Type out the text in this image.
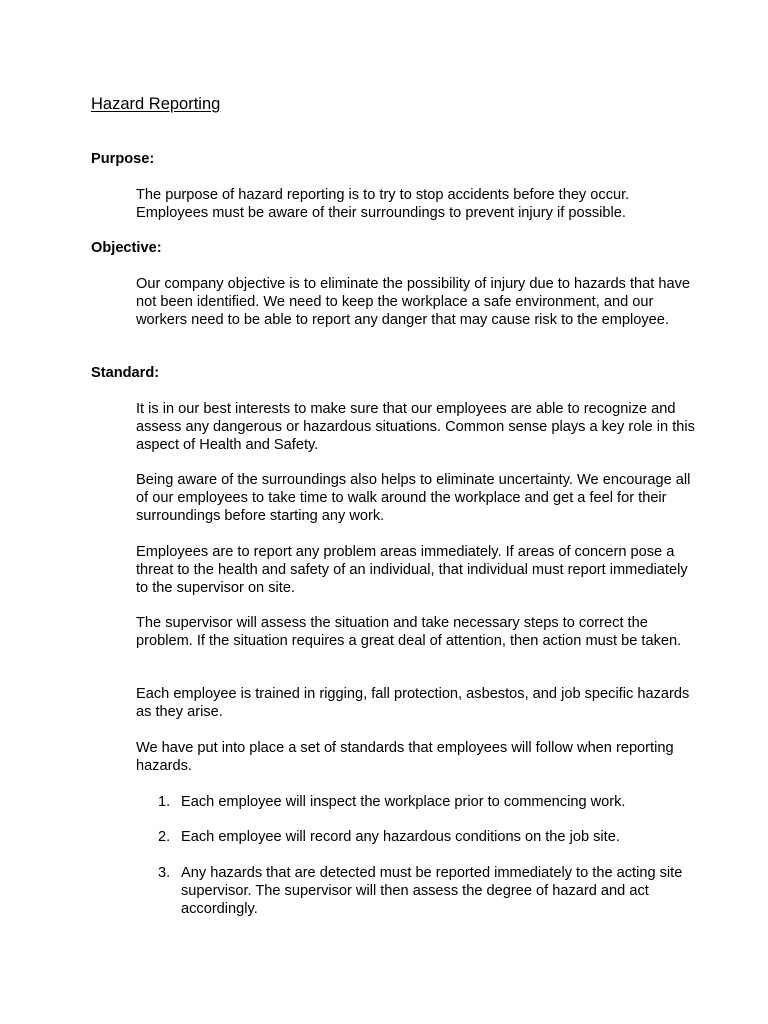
Hazard Reporting
Purpose:

The purpose of hazard reporting is to try to stop accidents before they occur. Employees must be aware of their surroundings to prevent injury if possible.

Objective:

Our company objective is to eliminate the possibility of injury due to hazards that have not been identified. We need to keep the workplace a safe environment, and our workers need to be able to report any danger that may cause risk to the employee.

Standard:

It is in our best interests to make sure that our employees are able to recognize and assess any dangerous or hazardous situations. Common sense plays a key role in this aspect of Health and Safety.

Being aware of the surroundings also helps to eliminate uncertainty. We encourage all of our employees to take time to walk around the workplace and get a feel for their surroundings before starting any work.

Employees are to report any problem areas immediately. If areas of concern pose a threat to the health and safety of an individual, that individual must report immediately to the supervisor on site.

The supervisor will assess the situation and take necessary steps to correct the problem. If the situation requires a great deal of attention, then action must be taken.

Each employee is trained in rigging, fall protection, asbestos, and job specific hazards as they arise.

We have put into place a set of standards that employees will follow when reporting hazards.

1. Each employee will inspect the workplace prior to commencing work.
2. Each employee will record any hazardous conditions on the job site.
3. Any hazards that are detected must be reported immediately to the acting site supervisor. The supervisor will then assess the degree of hazard and act accordingly.
